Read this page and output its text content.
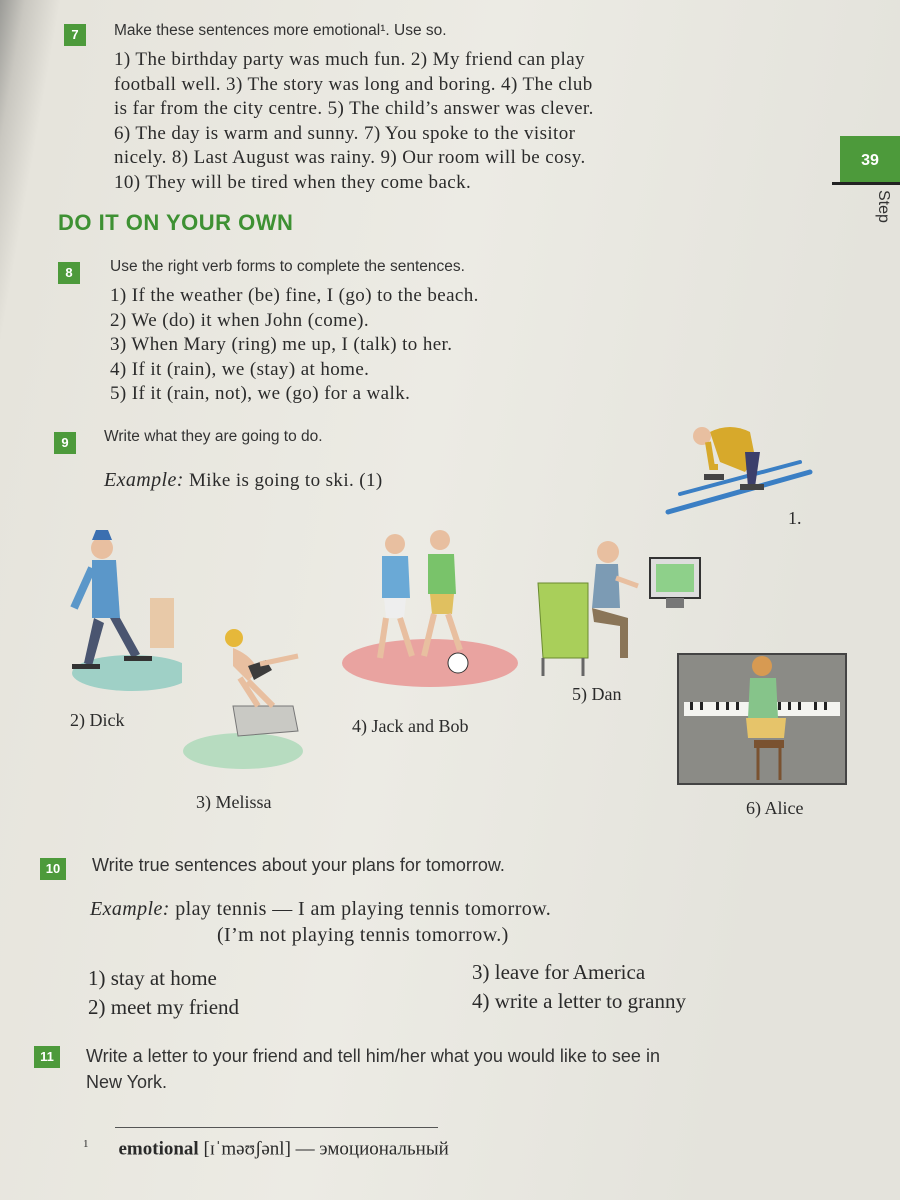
39
Step
7	Make these sentences more emotional¹. Use so.
1) The birthday party was much fun. 2) My friend can play
football well. 3) The story was long and boring. 4) The club
is far from the city centre. 5) The child’s answer was clever.
6) The day is warm and sunny. 7) You spoke to the visitor
nicely. 8) Last August was rainy. 9) Our room will be cosy.
10) They will be tired when they come back.
DO IT ON YOUR OWN
8	Use the right verb forms to complete the sentences.
1) If the weather (be) fine, I (go) to the beach.
2) We (do) it when John (come).
3) When Mary (ring) me up, I (talk) to her.
4) If it (rain), we (stay) at home.
5) If it (rain, not), we (go) for a walk.
9	Write what they are going to do.
Example: Mike is going to ski. (1)
1.
2) Dick
3) Melissa
4) Jack and Bob
5) Dan
6) Alice
10	Write true sentences about your plans for tomorrow.
Example: play tennis — I am playing tennis tomorrow.
(I’m not playing tennis tomorrow.)
1) stay at home
2) meet my friend
3) leave for America
4) write a letter to granny
11	Write a letter to your friend and tell him/her what you would like to see in
New York.
$^1$ emotional [ɪˈməʊʃənl] — эмоциональный
